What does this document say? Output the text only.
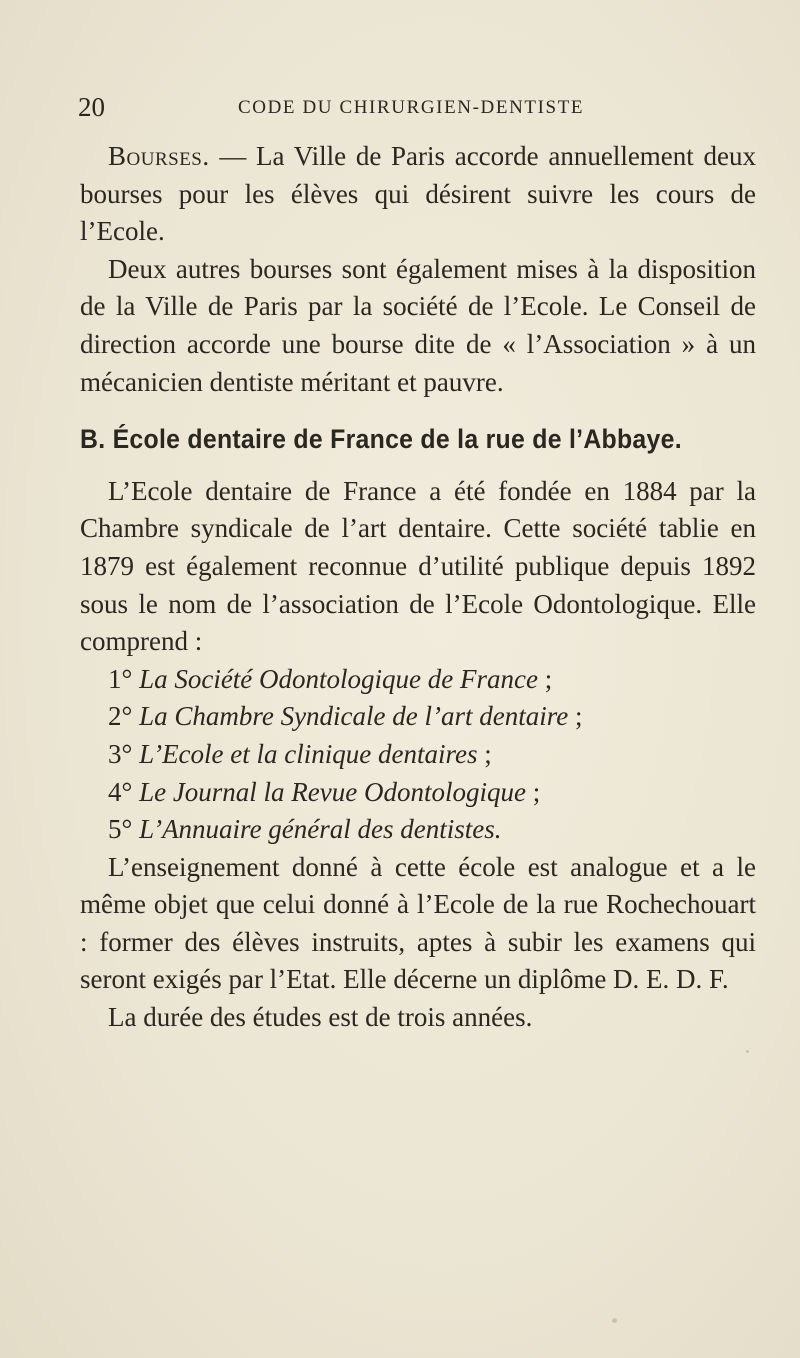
20	CODE DU CHIRURGIEN-DENTISTE

Bourses. — La Ville de Paris accorde annuellement deux bourses pour les élèves qui désirent suivre les cours de l’Ecole.

Deux autres bourses sont également mises à la disposition de la Ville de Paris par la société de l’Ecole. Le Conseil de direction accorde une bourse dite de « l’Association » à un mécanicien dentiste méritant et pauvre.

B. École dentaire de France de la rue de l’Abbaye.

L’Ecole dentaire de France a été fondée en 1884 par la Chambre syndicale de l’art dentaire. Cette société tablie en 1879 est également reconnue d’utilité publique depuis 1892 sous le nom de l’association de l’Ecole Odontologique. Elle comprend :

1° La Société Odontologique de France ;
2° La Chambre Syndicale de l’art dentaire ;
3° L’Ecole et la clinique dentaires ;
4° Le Journal la Revue Odontologique ;
5° L’Annuaire général des dentistes.

L’enseignement donné à cette école est analogue et a le même objet que celui donné à l’Ecole de la rue Rochechouart : former des élèves instruits, aptes à subir les examens qui seront exigés par l’Etat. Elle décerne un diplôme D. E. D. F.

La durée des études est de trois années.
